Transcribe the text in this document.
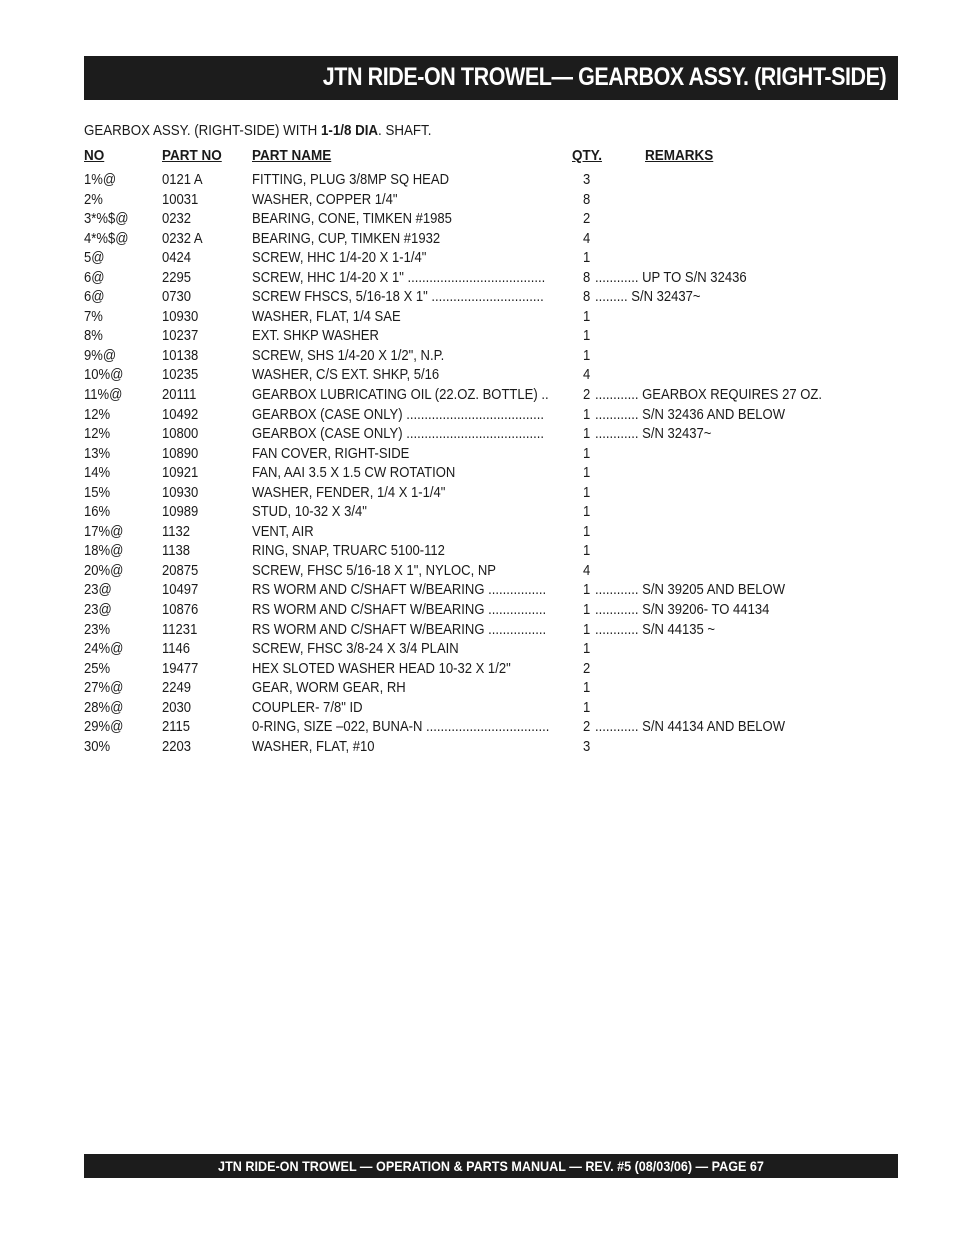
JTN RIDE-ON TROWEL— GEARBOX ASSY. (RIGHT-SIDE)
GEARBOX ASSY. (RIGHT-SIDE) WITH 1-1/8 DIA. SHAFT.
NO	PART NO PART NAME	QTY.	REMARKS
1%@	0121 A	FITTING, PLUG 3/8MP SQ HEAD	3
2%	10031	WASHER, COPPER 1/4"	8
3*%$@ 0232	BEARING, CONE, TIMKEN #1985	2
4*%$@ 0232 A	BEARING, CUP, TIMKEN #1932	4
5@	0424	SCREW, HHC 1/4-20 X 1-1/4"	1
6@	2295	SCREW, HHC 1/4-20 X 1" ......................................	8 ............ UP TO S/N 32436
6@	0730	SCREW FHSCS, 5/16-18 X 1" ...............................	8 ......... S/N 32437~
7%	10930	WASHER, FLAT, 1/4 SAE	1
8%	10237	EXT. SHKP WASHER	1
9%@	10138	SCREW, SHS 1/4-20 X 1/2", N.P.	1
10%@	10235	WASHER, C/S EXT. SHKP, 5/16	4
11%@	20111	GEARBOX LUBRICATING OIL (22.OZ. BOTTLE) .. 2 ............ GEARBOX REQUIRES 27 OZ.
12%	10492	GEARBOX (CASE ONLY) ......................................	1 ............ S/N 32436 AND BELOW
12%	10800	GEARBOX (CASE ONLY) ......................................	1 ............ S/N 32437~
13%	10890	FAN COVER, RIGHT-SIDE	1
14%	10921	FAN, AAI 3.5 X 1.5 CW ROTATION	1
15%	10930	WASHER, FENDER, 1/4 X 1-1/4"	1
16%	10989	STUD, 10-32 X 3/4"	1
17%@	1132	VENT, AIR	1
18%@	1138	RING, SNAP, TRUARC 5100-112	1
20%@	20875	SCREW, FHSC 5/16-18 X 1", NYLOC, NP	4
23@	10497	RS WORM AND C/SHAFT W/BEARING ................	1 ............ S/N 39205 AND BELOW
23@	10876	RS WORM AND C/SHAFT W/BEARING ................	1 ............ S/N 39206- TO 44134
23%	11231	RS WORM AND C/SHAFT W/BEARING ................	1 ............ S/N 44135 ~
24%@	1146	SCREW, FHSC 3/8-24 X 3/4 PLAIN	1
25%	19477	HEX SLOTED WASHER HEAD 10-32 X 1/2"	2
27%@	2249	GEAR, WORM GEAR, RH	1
28%@	2030	COUPLER- 7/8" ID	1
29%@	2115	0-RING, SIZE –022, BUNA-N .................................. 2 ............ S/N 44134 AND BELOW
30%	2203	WASHER, FLAT, #10	3
JTN RIDE-ON TROWEL — OPERATION & PARTS MANUAL — REV. #5 (08/03/06) — PAGE 67
